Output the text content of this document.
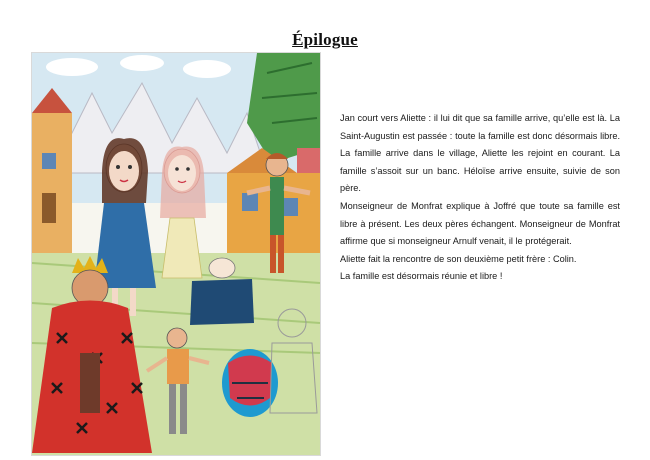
Épilogue

Jan court vers Aliette : il lui dit que sa famille arrive, qu’elle est là. La Saint-Augustin est passée : toute la famille est donc désormais libre. La famille arrive dans le village, Aliette les rejoint en courant. La famille s’assoit sur un banc. Héloïse arrive ensuite, suivie de son père.

Monseigneur de Monfrat explique à Joffré que toute sa famille est libre à présent. Les deux pères échangent. Monseigneur de Monfrat affirme que si monseigneur Arnulf venait, il le protégerait.

Aliette fait la rencontre de son deuxième petit frère : Colin.

La famille est désormais réunie et libre !
